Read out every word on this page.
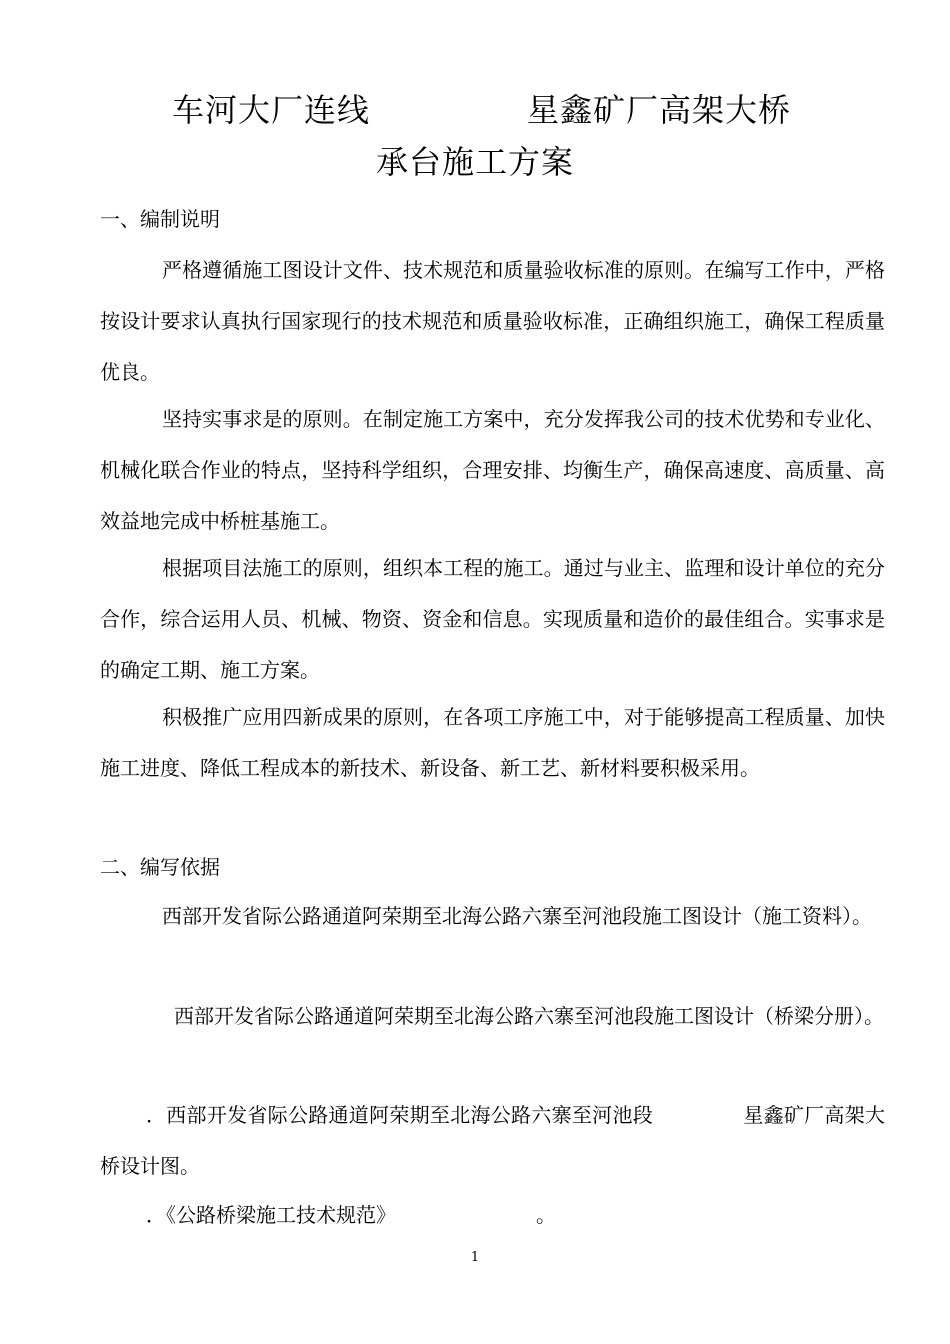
车河大厂连线	星鑫矿厂高架大桥
承台施工方案
一、编制说明
严格遵循施工图设计文件、技术规范和质量验收标准的原则。在编写工作中，严格按设计要求认真执行国家现行的技术规范和质量验收标准，正确组织施工，确保工程质量优良。
坚持实事求是的原则。在制定施工方案中，充分发挥我公司的技术优势和专业化、机械化联合作业的特点，坚持科学组织，合理安排、均衡生产，确保高速度、高质量、高效益地完成中桥桩基施工。
根据项目法施工的原则，组织本工程的施工。通过与业主、监理和设计单位的充分合作，综合运用人员、机械、物资、资金和信息。实现质量和造价的最佳组合。实事求是的确定工期、施工方案。
积极推广应用四新成果的原则，在各项工序施工中，对于能够提高工程质量、加快施工进度、降低工程成本的新技术、新设备、新工艺、新材料要积极采用。
二、编写依据
西部开发省际公路通道阿荣期至北海公路六寨至河池段施工图设计（施工资料）。
西部开发省际公路通道阿荣期至北海公路六寨至河池段施工图设计（桥梁分册）。
．西部开发省际公路通道阿荣期至北海公路六寨至河池段	星鑫矿厂高架大桥设计图。
．《公路桥梁施工技术规范》	。
1
